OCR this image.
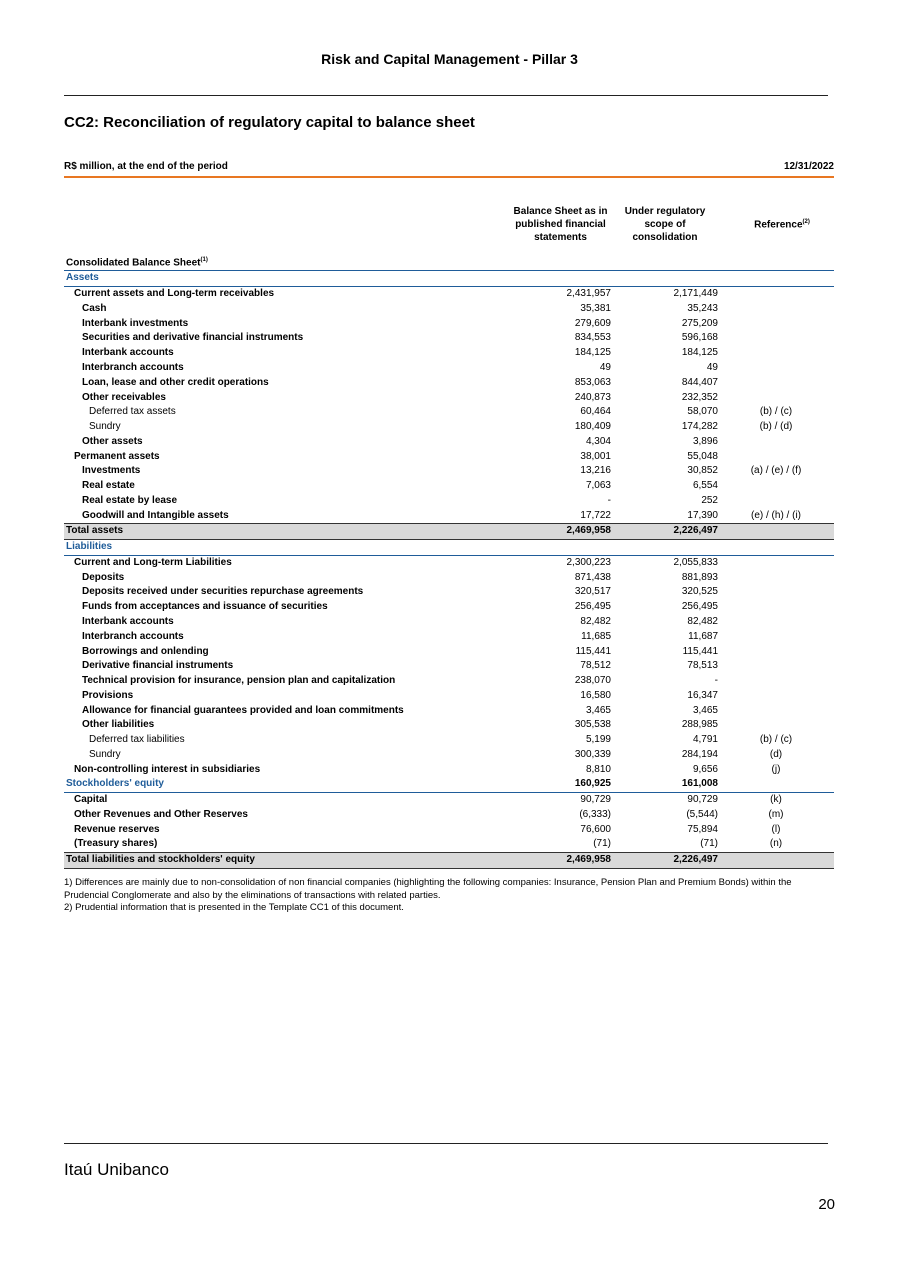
Risk and Capital Management - Pillar 3
CC2: Reconciliation of regulatory capital to balance sheet
R$ million, at the end of the period	12/31/2022
Balance Sheet as in
published financial
statements
Under regulatory
scope of
consolidation
Reference$^{(2)}$
Consolidated Balance Sheet$^{(1)}$
Assets			
Current assets and Long-term receivables	2,431,957	2,171,449	
Cash	35,381	35,243	
Interbank investments	279,609	275,209	
Securities and derivative financial instruments	834,553	596,168	
Interbank accounts	184,125	184,125	
Interbranch accounts	49	49	
Loan, lease and other credit operations	853,063	844,407	
Other receivables	240,873	232,352	
Deferred tax assets	60,464	58,070	(b) / (c)
Sundry	180,409	174,282	(b) / (d)
Other assets	4,304	3,896	
Permanent assets	38,001	55,048	
Investments	13,216	30,852	(a) / (e) / (f)
Real estate	7,063	6,554	
Real estate by lease	-	252	
Goodwill and Intangible assets	17,722	17,390	(e) / (h) / (i)
Total assets	2,469,958	2,226,497	
Liabilities			
Current and Long-term Liabilities	2,300,223	2,055,833	
Deposits	871,438	881,893	
Deposits received under securities repurchase agreements	320,517	320,525	
Funds from acceptances and issuance of securities	256,495	256,495	
Interbank accounts	82,482	82,482	
Interbranch accounts	11,685	11,687	
Borrowings and onlending	115,441	115,441	
Derivative financial instruments	78,512	78,513	
Technical provision for insurance, pension plan and capitalization	238,070	-	
Provisions	16,580	16,347	
Allowance for financial guarantees provided and loan commitments	3,465	3,465	
Other liabilities	305,538	288,985	
Deferred tax liabilities	5,199	4,791	(b) / (c)
Sundry	300,339	284,194	(d)
Non-controlling interest in subsidiaries	8,810	9,656	(j)
Stockholders' equity	160,925	161,008	
Capital	90,729	90,729	(k)
Other Revenues and Other Reserves	(6,333)	(5,544)	(m)
Revenue reserves	76,600	75,894	(l)
(Treasury shares)	(71)	(71)	(n)
Total liabilities and stockholders' equity	2,469,958	2,226,497	
1) Differences are mainly due to non-consolidation of non financial companies (highlighting the following companies: Insurance, Pension Plan and Premium Bonds) within the Prudencial Conglomerate and also by the eliminations of transactions with related parties.
2) Prudential information that is presented in the Template CC1 of this document.
Itaú Unibanco
20
